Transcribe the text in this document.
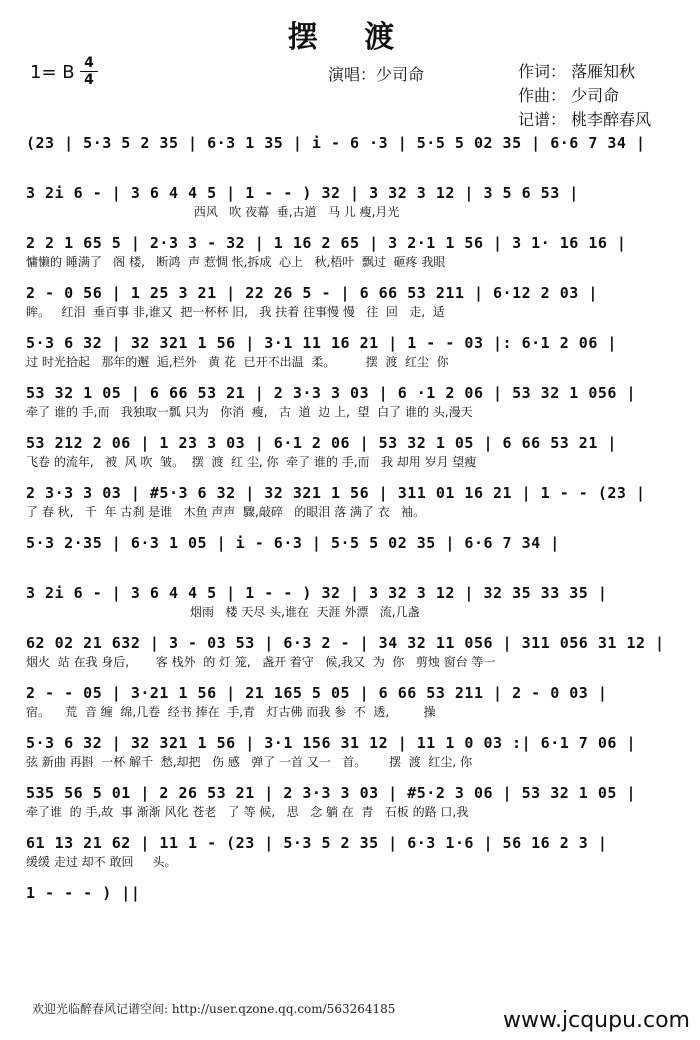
摆 渡
1= B 4
4	演唱：少司命	作词： 落雁知秋
作曲： 少司命
记谱： 桃李醉春风
(23 | 5·3 5 2 35 | 6·3 1 35 | i - 6 ·3 | 5·5 5 02 35 | 6·6 7 34 |
3 2i 6 - | 3 6 4 4 5 | 1 - - ) 32 | 3 32 3 12 | 3 5 6 53 |
西风   吹 夜幕  垂,古道   马 儿 瘦,月光
2 2 1 65 5 | 2·3 3 - 32 | 1 16 2 65 | 3 2·1 1 56 | 3 1· 16 16 |
慵懒的 睡满了   阁 楼,   断鸿  声 惹惆 怅,拆成  心上   秋,梧叶  飘过  砸疼 我眼
2 - 0 56 | 1 25 3 21 | 22 26 5 - | 6 66 53 211 | 6·12 2 03 |
眸。   红泪  垂百事 非,谁又  把一杯杯 旧,   我 扶着 往事慢 慢   往  回   走,  适
5·3 6 32 | 32 321 1 56 | 3·1 11 16 21 | 1 - - 03 |: 6·1 2 06 |
过 时光拾起   那年的邂  逅,栏外   黄 花  已开不出温  柔。        摆  渡  红尘  你
53 32 1 05 | 6 66 53 21 | 2 3·3 3 03 | 6 ·1 2 06 | 53 32 1 056 |
牵了 谁的 手,而   我独取一瓢 只为   你消  瘦,   古  道  边 上,  望  白了 谁的 头,漫天
53 212 2 06 | 1 23 3 03 | 6·1 2 06 | 53 32 1 05 | 6 66 53 21 |
飞卷 的流年,   被  风 吹  皱。  摆  渡  红 尘, 你  牵了 谁的 手,而   我 却用 岁月 望瘦
2 3·3 3 03 | #5·3 6 32 | 32 321 1 56 | 311 01 16 21 | 1 - - (23 |
了 春 秋,   千  年 古刹 是谁   木鱼 声声  驟,敲碎   的眼泪 落 满了 衣   袖。
5·3 2·35 | 6·3 1 05 | i - 6·3 | 5·5 5 02 35 | 6·6 7 34 |
3 2i 6 - | 3 6 4 4 5 | 1 - - ) 32 | 3 32 3 12 | 32 35 33 35 |
烟雨   楼 天尽 头,谁在  天涯 外漂   流,几盏
62 02 21 632 | 3 - 03 53 | 6·3 2 - | 34 32 11 056 | 311 056 31 12 |
烟火  站 在我 身后,       客 栈外  的 灯 笼,   盏开 着守   候,我又  为  你   剪烛 窗台 等一
2 - - 05 | 3·21 1 56 | 21 165 5 05 | 6 66 53 211 | 2 - 0 03 |
宿。    荒  音 缠  绵,几卷  经书 捧在  手,青   灯古佛 而我 参  不  透,         操
5·3 6 32 | 32 321 1 56 | 3·1 156 31 12 | 11 1 0 03 :| 6·1 7 06 |
弦 新曲 再斟  一杯 解千  愁,却把   伤 感   弹了 一首 又一   首。      摆  渡  红尘, 你
535 56 5 01 | 2 26 53 21 | 2 3·3 3 03 | #5·2 3 06 | 53 32 1 05 |
牵了谁  的 手,故  事 渐渐 风化 苍老   了 等 候,   思   念 躺 在  青   石板 的路 口,我
61 13 21 62 | 11 1 - (23 | 5·3 5 2 35 | 6·3 1·6 | 56 16 2 3 |
缓缓 走过 却不 敢回     头。
1 - - - ) ||
欢迎光临醉春风记谱空间: http://user.qzone.qq.com/563264185	www.jcqupu.com
